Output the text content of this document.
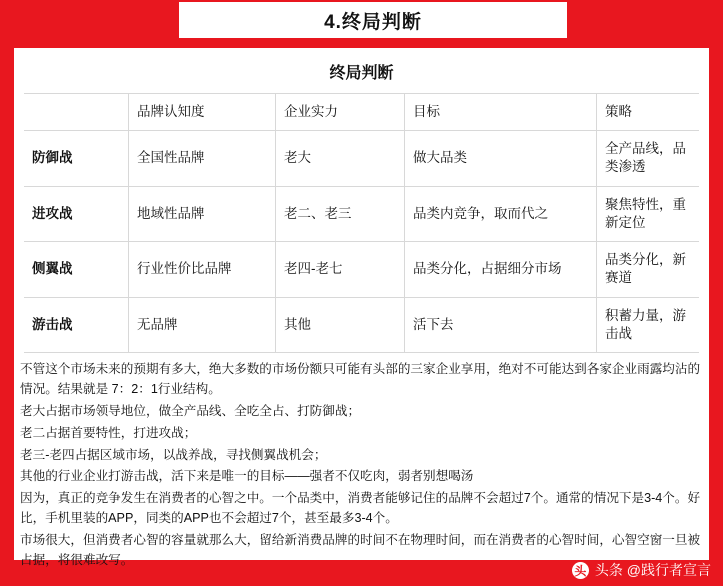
4.终局判断
终局判断
	品牌认知度	企业实力	目标	策略
防御战	全国性品牌	老大	做大品类	全产品线，品类渗透
进攻战	地域性品牌	老二、老三	品类内竞争，取而代之	聚焦特性，重新定位
侧翼战	行业性价比品牌	老四-老七	品类分化，占据细分市场	品类分化，新赛道
游击战	无品牌	其他	活下去	积蓄力量，游击战

不管这个市场未来的预期有多大，绝大多数的市场份额只可能有头部的三家企业享用，绝对不可能达到各家企业雨露均沾的情况。结果就是 7：2：1行业结构。

老大占据市场领导地位，做全产品线、全吃全占、打防御战；

老二占据首要特性，打进攻战；

老三-老四占据区域市场，以战养战，寻找侧翼战机会；

其他的行业企业打游击战，活下来是唯一的目标——强者不仅吃肉，弱者别想喝汤

因为，真正的竞争发生在消费者的心智之中。一个品类中，消费者能够记住的品牌不会超过7个。通常的情况下是3-4个。好比，手机里装的APP，同类的APP也不会超过7个，甚至最多3-4个。

市场很大，但消费者心智的容量就那么大，留给新消费品牌的时间不在物理时间，而在消费者的心智时间，心智空窗一旦被占据，将很难改写。

头 头条 @践行者宣言
